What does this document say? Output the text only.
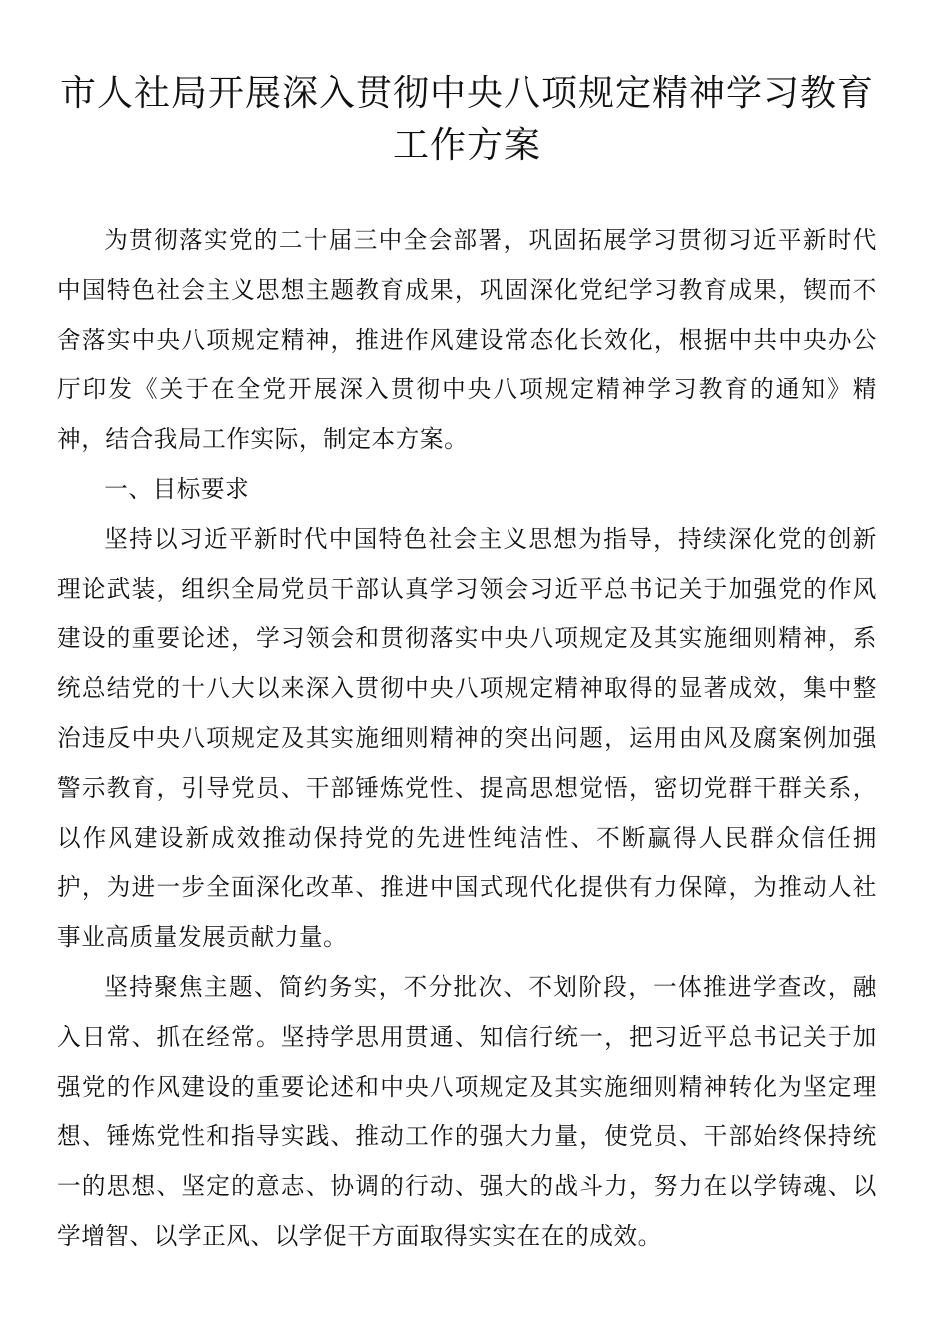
市人社局开展深入贯彻中央八项规定精神学习教育工作方案

为贯彻落实党的二十届三中全会部署，巩固拓展学习贯彻习近平新时代中国特色社会主义思想主题教育成果，巩固深化党纪学习教育成果，锲而不舍落实中央八项规定精神，推进作风建设常态化长效化，根据中共中央办公厅印发《关于在全党开展深入贯彻中央八项规定精神学习教育的通知》精神，结合我局工作实际，制定本方案。

一、目标要求

坚持以习近平新时代中国特色社会主义思想为指导，持续深化党的创新理论武装，组织全局党员干部认真学习领会习近平总书记关于加强党的作风建设的重要论述，学习领会和贯彻落实中央八项规定及其实施细则精神，系统总结党的十八大以来深入贯彻中央八项规定精神取得的显著成效，集中整治违反中央八项规定及其实施细则精神的突出问题，运用由风及腐案例加强警示教育，引导党员、干部锤炼党性、提高思想觉悟，密切党群干群关系，以作风建设新成效推动保持党的先进性纯洁性、不断赢得人民群众信任拥护，为进一步全面深化改革、推进中国式现代化提供有力保障，为推动人社事业高质量发展贡献力量。

坚持聚焦主题、简约务实，不分批次、不划阶段，一体推进学查改，融入日常、抓在经常。坚持学思用贯通、知信行统一，把习近平总书记关于加强党的作风建设的重要论述和中央八项规定及其实施细则精神转化为坚定理想、锤炼党性和指导实践、推动工作的强大力量，使党员、干部始终保持统一的思想、坚定的意志、协调的行动、强大的战斗力，努力在以学铸魂、以学增智、以学正风、以学促干方面取得实实在在的成效。
